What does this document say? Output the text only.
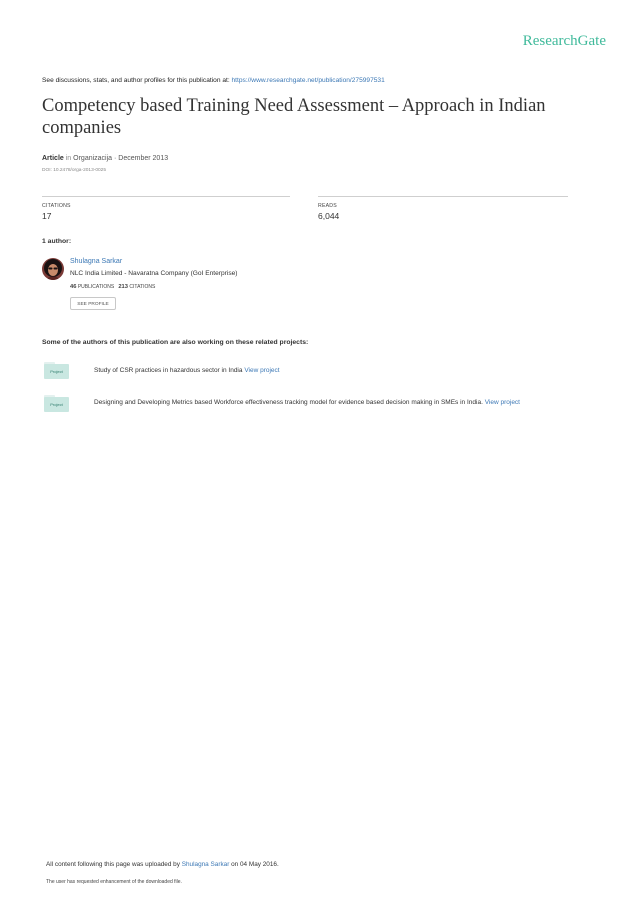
ResearchGate
See discussions, stats, and author profiles for this publication at: https://www.researchgate.net/publication/275997531
Competency based Training Need Assessment – Approach in Indian companies
Article in Organizacija · December 2013
DOI: 10.2478/orga-2013-0025
CITATIONS
17
READS
6,044
1 author:
Shulagna Sarkar
NLC India Limited - Navaratna Company (GoI Enterprise)
46 PUBLICATIONS 213 CITATIONS
SEE PROFILE
Some of the authors of this publication are also working on these related projects:
Project	Study of CSR practices in hazardous sector in India View project
Project	Designing and Developing Metrics based Workforce effectiveness tracking model for evidence based decision making in SMEs in India. View project
All content following this page was uploaded by Shulagna Sarkar on 04 May 2016.
The user has requested enhancement of the downloaded file.
